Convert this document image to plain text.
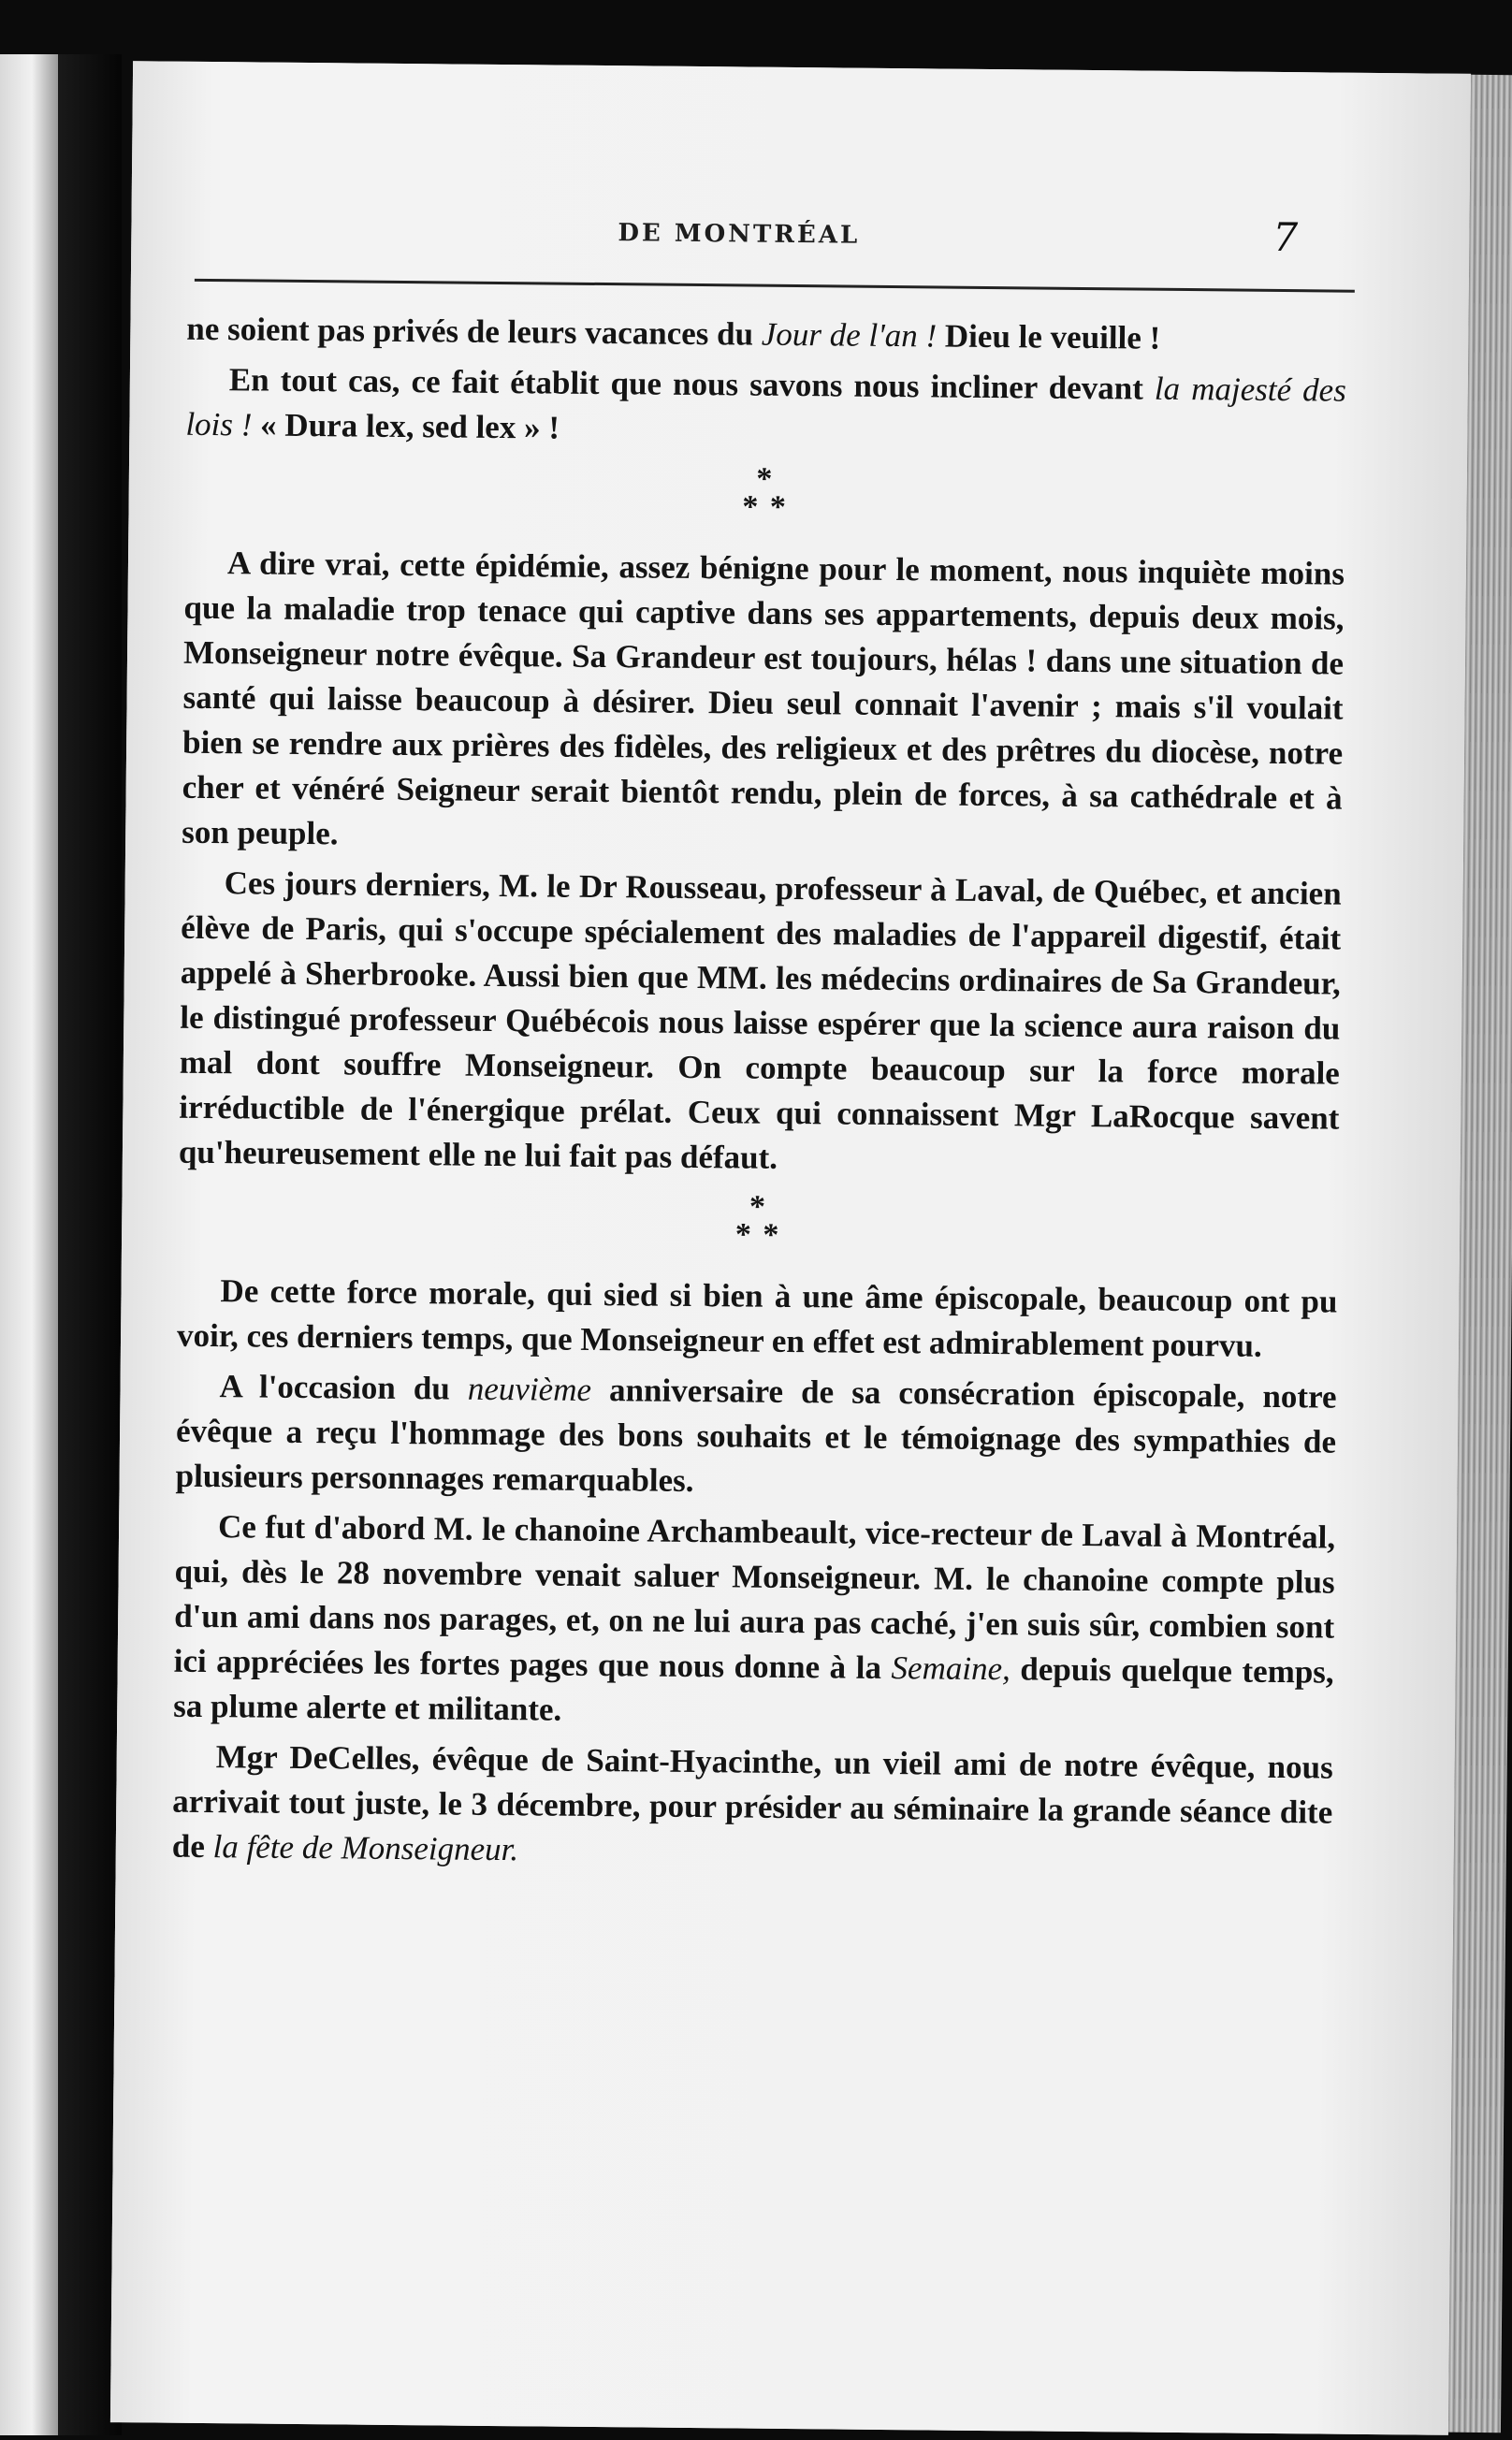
DE MONTRÉAL	7

ne soient pas privés de leurs vacances du Jour de l'an ! Dieu le veuille !

En tout cas, ce fait établit que nous savons nous incliner devant la majesté des lois ! « Dura lex, sed lex » !

*
* *

A dire vrai, cette épidémie, assez bénigne pour le moment, nous inquiète moins que la maladie trop tenace qui captive dans ses appartements, depuis deux mois, Monseigneur notre évêque. Sa Grandeur est toujours, hélas ! dans une situation de santé qui laisse beaucoup à désirer. Dieu seul connait l'avenir ; mais s'il voulait bien se rendre aux prières des fidèles, des religieux et des prêtres du diocèse, notre cher et vénéré Seigneur serait bientôt rendu, plein de forces, à sa cathédrale et à son peuple.

Ces jours derniers, M. le Dr Rousseau, professeur à Laval, de Québec, et ancien élève de Paris, qui s'occupe spécialement des maladies de l'appareil digestif, était appelé à Sherbrooke. Aussi bien que MM. les médecins ordinaires de Sa Grandeur, le distingué professeur Québécois nous laisse espérer que la science aura raison du mal dont souffre Monseigneur. On compte beaucoup sur la force morale irréductible de l'énergique prélat. Ceux qui connaissent Mgr LaRocque savent qu'heureusement elle ne lui fait pas défaut.

*
* *

De cette force morale, qui sied si bien à une âme épiscopale, beaucoup ont pu voir, ces derniers temps, que Monseigneur en effet est admirablement pourvu.

A l'occasion du neuvième anniversaire de sa consécration épiscopale, notre évêque a reçu l'hommage des bons souhaits et le témoignage des sympathies de plusieurs personnages remarquables.

Ce fut d'abord M. le chanoine Archambeault, vice-recteur de Laval à Montréal, qui, dès le 28 novembre venait saluer Monseigneur. M. le chanoine compte plus d'un ami dans nos parages, et, on ne lui aura pas caché, j'en suis sûr, combien sont ici appréciées les fortes pages que nous donne à la Semaine, depuis quelque temps, sa plume alerte et militante.

Mgr DeCelles, évêque de Saint-Hyacinthe, un vieil ami de notre évêque, nous arrivait tout juste, le 3 décembre, pour présider au séminaire la grande séance dite de la fête de Monseigneur.
